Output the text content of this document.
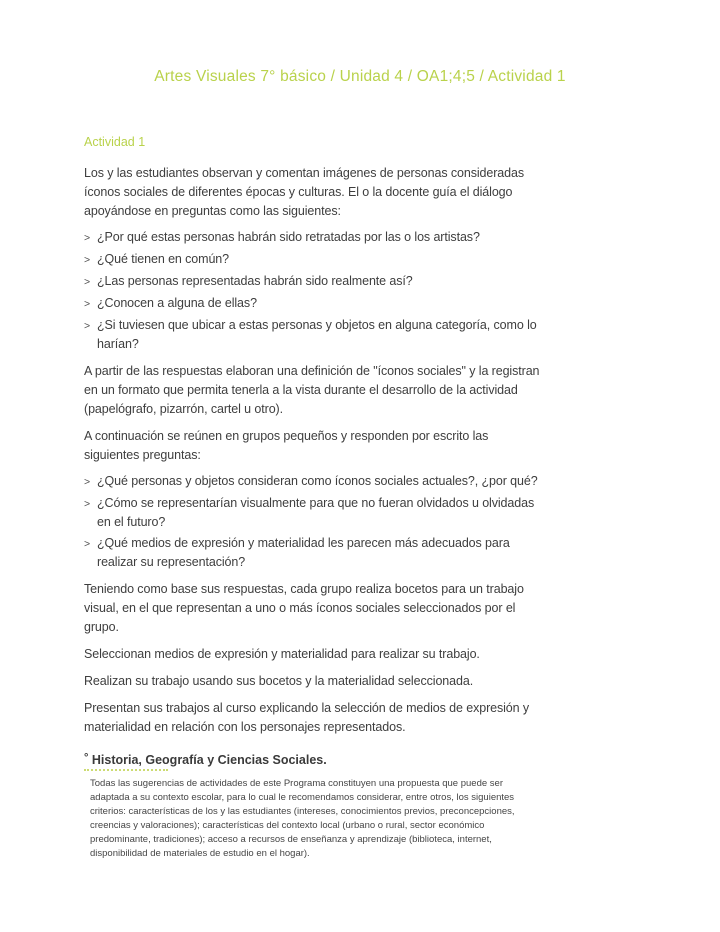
Artes Visuales 7° básico / Unidad 4 / OA1;4;5 / Actividad 1
Actividad 1

Los y las estudiantes observan y comentan imágenes de personas consideradas íconos sociales de diferentes épocas y culturas. El o la docente guía el diálogo apoyándose en preguntas como las siguientes:

> ¿Por qué estas personas habrán sido retratadas por las o los artistas?
> ¿Qué tienen en común?
> ¿Las personas representadas habrán sido realmente así?
> ¿Conocen a alguna de ellas?
> ¿Si tuviesen que ubicar a estas personas y objetos en alguna categoría, como lo harían?

A partir de las respuestas elaboran una definición de "íconos sociales" y la registran en un formato que permita tenerla a la vista durante el desarrollo de la actividad (papelógrafo, pizarrón, cartel u otro).

A continuación se reúnen en grupos pequeños y responden por escrito las siguientes preguntas:

> ¿Qué personas y objetos consideran como íconos sociales actuales?, ¿por qué?
> ¿Cómo se representarían visualmente para que no fueran olvidados u olvidadas en el futuro?
> ¿Qué medios de expresión y materialidad les parecen más adecuados para realizar su representación?

Teniendo como base sus respuestas, cada grupo realiza bocetos para un trabajo visual, en el que representan a uno o más íconos sociales seleccionados por el grupo.

Seleccionan medios de expresión y materialidad para realizar su trabajo.

Realizan su trabajo usando sus bocetos y la materialidad seleccionada.

Presentan sus trabajos al curso explicando la selección de medios de expresión y materialidad en relación con los personajes representados.

° Historia, Geografía y Ciencias Sociales.

Todas las sugerencias de actividades de este Programa constituyen una propuesta que puede ser adaptada a su contexto escolar, para lo cual le recomendamos considerar, entre otros, los siguientes criterios: características de los y las estudiantes (intereses, conocimientos previos, preconcepciones, creencias y valoraciones); características del contexto local (urbano o rural, sector económico predominante, tradiciones); acceso a recursos de enseñanza y aprendizaje (biblioteca, internet, disponibilidad de materiales de estudio en el hogar).
